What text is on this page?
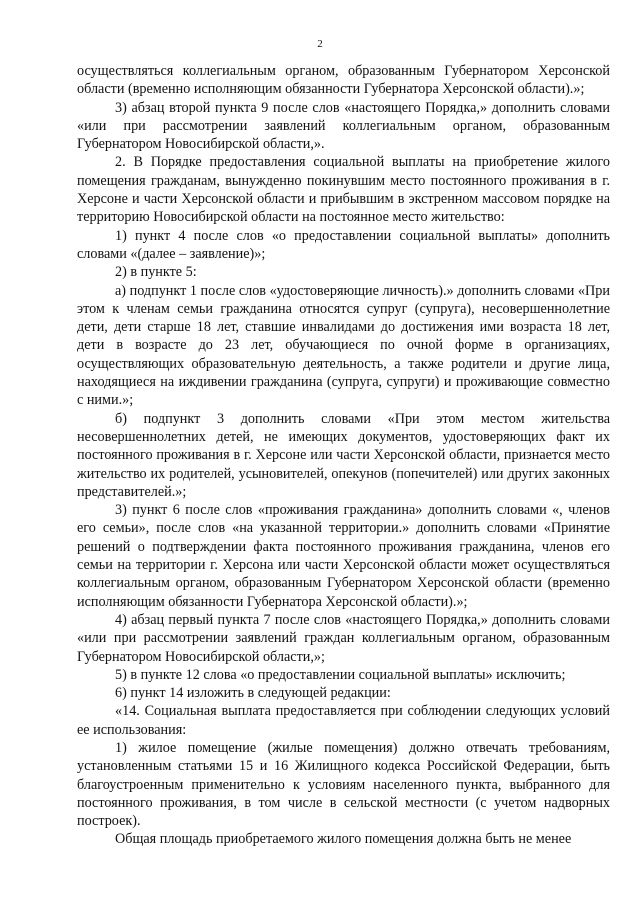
2

осуществляться коллегиальным органом, образованным Губернатором Херсонской области (временно исполняющим обязанности Губернатора Херсонской области).»;

3) абзац второй пункта 9 после слов «настоящего Порядка,» дополнить словами «или при рассмотрении заявлений коллегиальным органом, образованным Губернатором Новосибирской области,».

2. В Порядке предоставления социальной выплаты на приобретение жилого помещения гражданам, вынужденно покинувшим место постоянного проживания в г. Херсоне и части Херсонской области и прибывшим в экстренном массовом порядке на территорию Новосибирской области на постоянное место жительство:

1) пункт 4 после слов «о предоставлении социальной выплаты» дополнить словами «(далее – заявление)»;

2) в пункте 5:

а) подпункт 1 после слов «удостоверяющие личность).» дополнить словами «При этом к членам семьи гражданина относятся супруг (супруга), несовершеннолетние дети, дети старше 18 лет, ставшие инвалидами до достижения ими возраста 18 лет, дети в возрасте до 23 лет, обучающиеся по очной форме в организациях, осуществляющих образовательную деятельность, а также родители и другие лица, находящиеся на иждивении гражданина (супруга, супруги) и проживающие совместно с ними.»;

б) подпункт 3 дополнить словами «При этом местом жительства несовершеннолетних детей, не имеющих документов, удостоверяющих факт их постоянного проживания в г. Херсоне или части Херсонской области, признается место жительство их родителей, усыновителей, опекунов (попечителей) или других законных представителей.»;

3) пункт 6 после слов «проживания гражданина» дополнить словами «, членов его семьи», после слов «на указанной территории.» дополнить словами «Принятие решений о подтверждении факта постоянного проживания гражданина, членов его семьи на территории г. Херсона или части Херсонской области может осуществляться коллегиальным органом, образованным Губернатором Херсонской области (временно исполняющим обязанности Губернатора Херсонской области).»;

4) абзац первый пункта 7 после слов «настоящего Порядка,» дополнить словами «или при рассмотрении заявлений граждан коллегиальным органом, образованным Губернатором Новосибирской области,»;

5) в пункте 12 слова «о предоставлении социальной выплаты» исключить;

6) пункт 14 изложить в следующей редакции:

«14. Социальная выплата предоставляется при соблюдении следующих условий ее использования:

1) жилое помещение (жилые помещения) должно отвечать требованиям, установленным статьями 15 и 16 Жилищного кодекса Российской Федерации, быть благоустроенным применительно к условиям населенного пункта, выбранного для постоянного проживания, в том числе в сельской местности (с учетом надворных построек).

Общая площадь приобретаемого жилого помещения должна быть не менее
